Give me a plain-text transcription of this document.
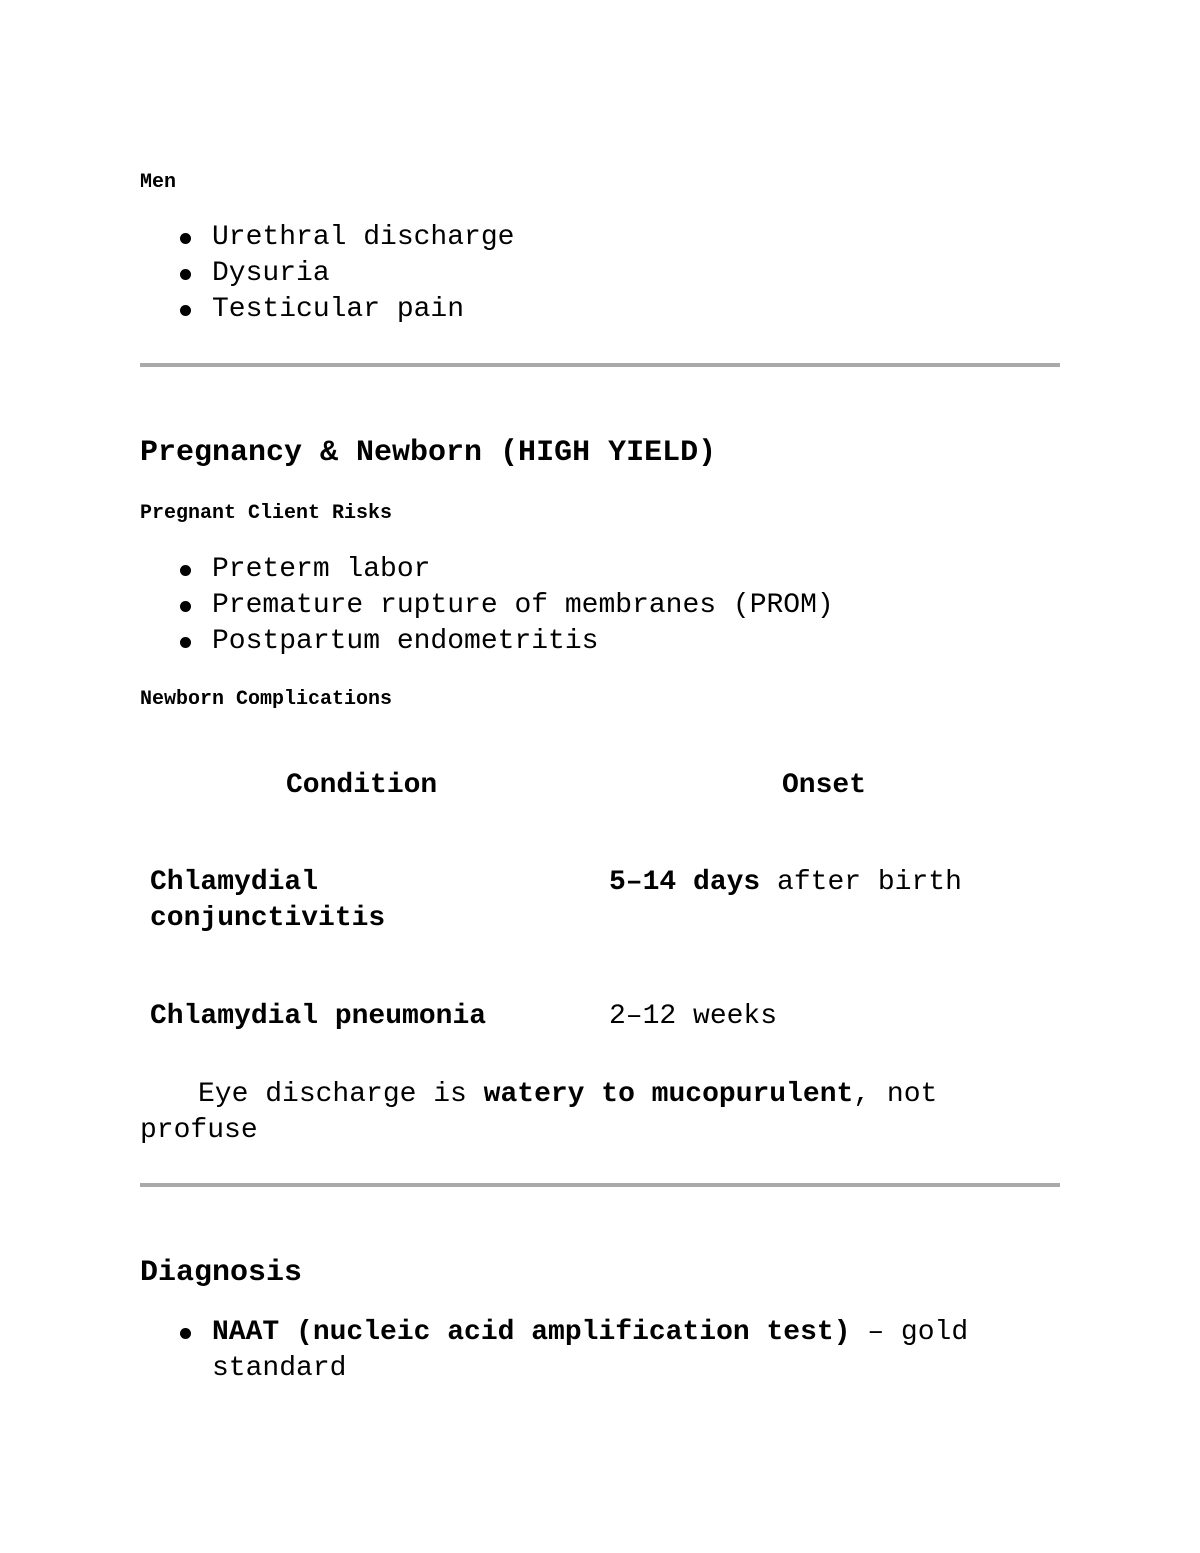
Men
Urethral discharge
Dysuria
Testicular pain
Pregnancy & Newborn (HIGH YIELD)
Pregnant Client Risks
Preterm labor
Premature rupture of membranes (PROM)
Postpartum endometritis
Newborn Complications
Condition	Onset
Chlamydial conjunctivitis
5–14 days after birth
Chlamydial pneumonia	2–12 weeks
Eye discharge is watery to mucopurulent, not profuse
Diagnosis
NAAT (nucleic acid amplification test) – gold standard
